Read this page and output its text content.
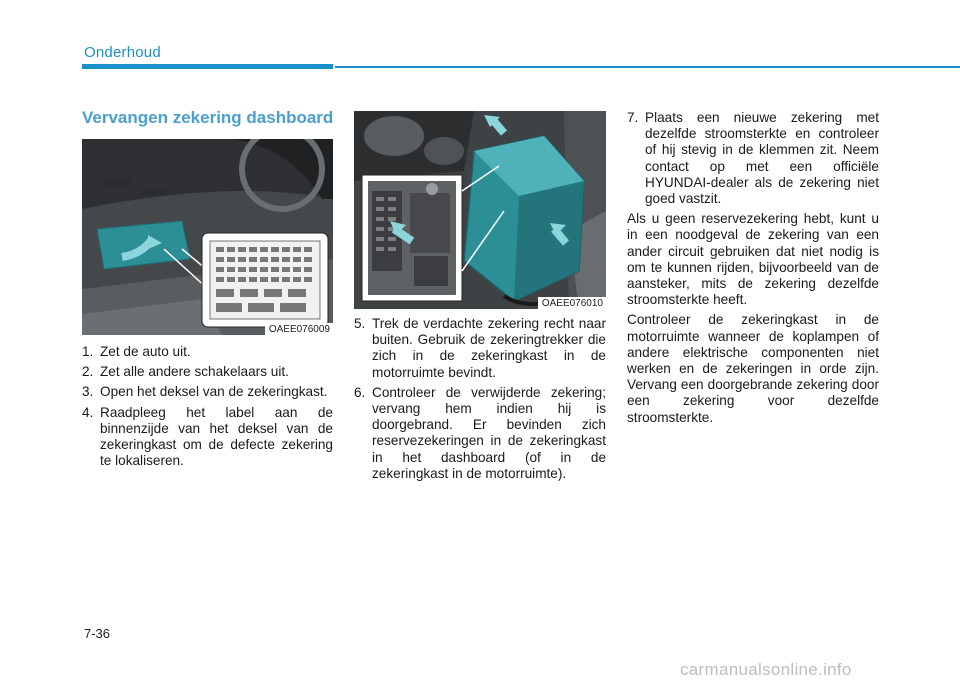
Onderhoud
Vervangen zekering dashboard
OAEE076009
OAEE076010
1. Zet de auto uit.
2. Zet alle andere schakelaars uit.
3. Open het deksel van de zekeringkast.
4. Raadpleeg het label aan de binnenzijde van het deksel van de zekeringkast om de defecte zekering te lokaliseren.
5. Trek de verdachte zekering recht naar buiten. Gebruik de zekeringtrekker die zich in de zekeringkast in de motorruimte bevindt.
6. Controleer de verwijderde zekering; vervang hem indien hij is doorgebrand. Er bevinden zich reservezekeringen in de zekeringkast in het dashboard (of in de zekeringkast in de motorruimte).
7. Plaats een nieuwe zekering met dezelfde stroomsterkte en controleer of hij stevig in de klemmen zit. Neem contact op met een officiële HYUNDAI-dealer als de zekering niet goed vastzit.

Als u geen reservezekering hebt, kunt u in een noodgeval de zekering van een ander circuit gebruiken dat niet nodig is om te kunnen rijden, bijvoorbeeld van de aansteker, mits de zekering dezelfde stroomsterkte heeft.

Controleer de zekeringkast in de motorruimte wanneer de koplampen of andere elektrische componenten niet werken en de zekeringen in orde zijn. Vervang een doorgebrande zekering door een zekering voor dezelfde stroomsterkte.

7-36
carmanualsonline.info
